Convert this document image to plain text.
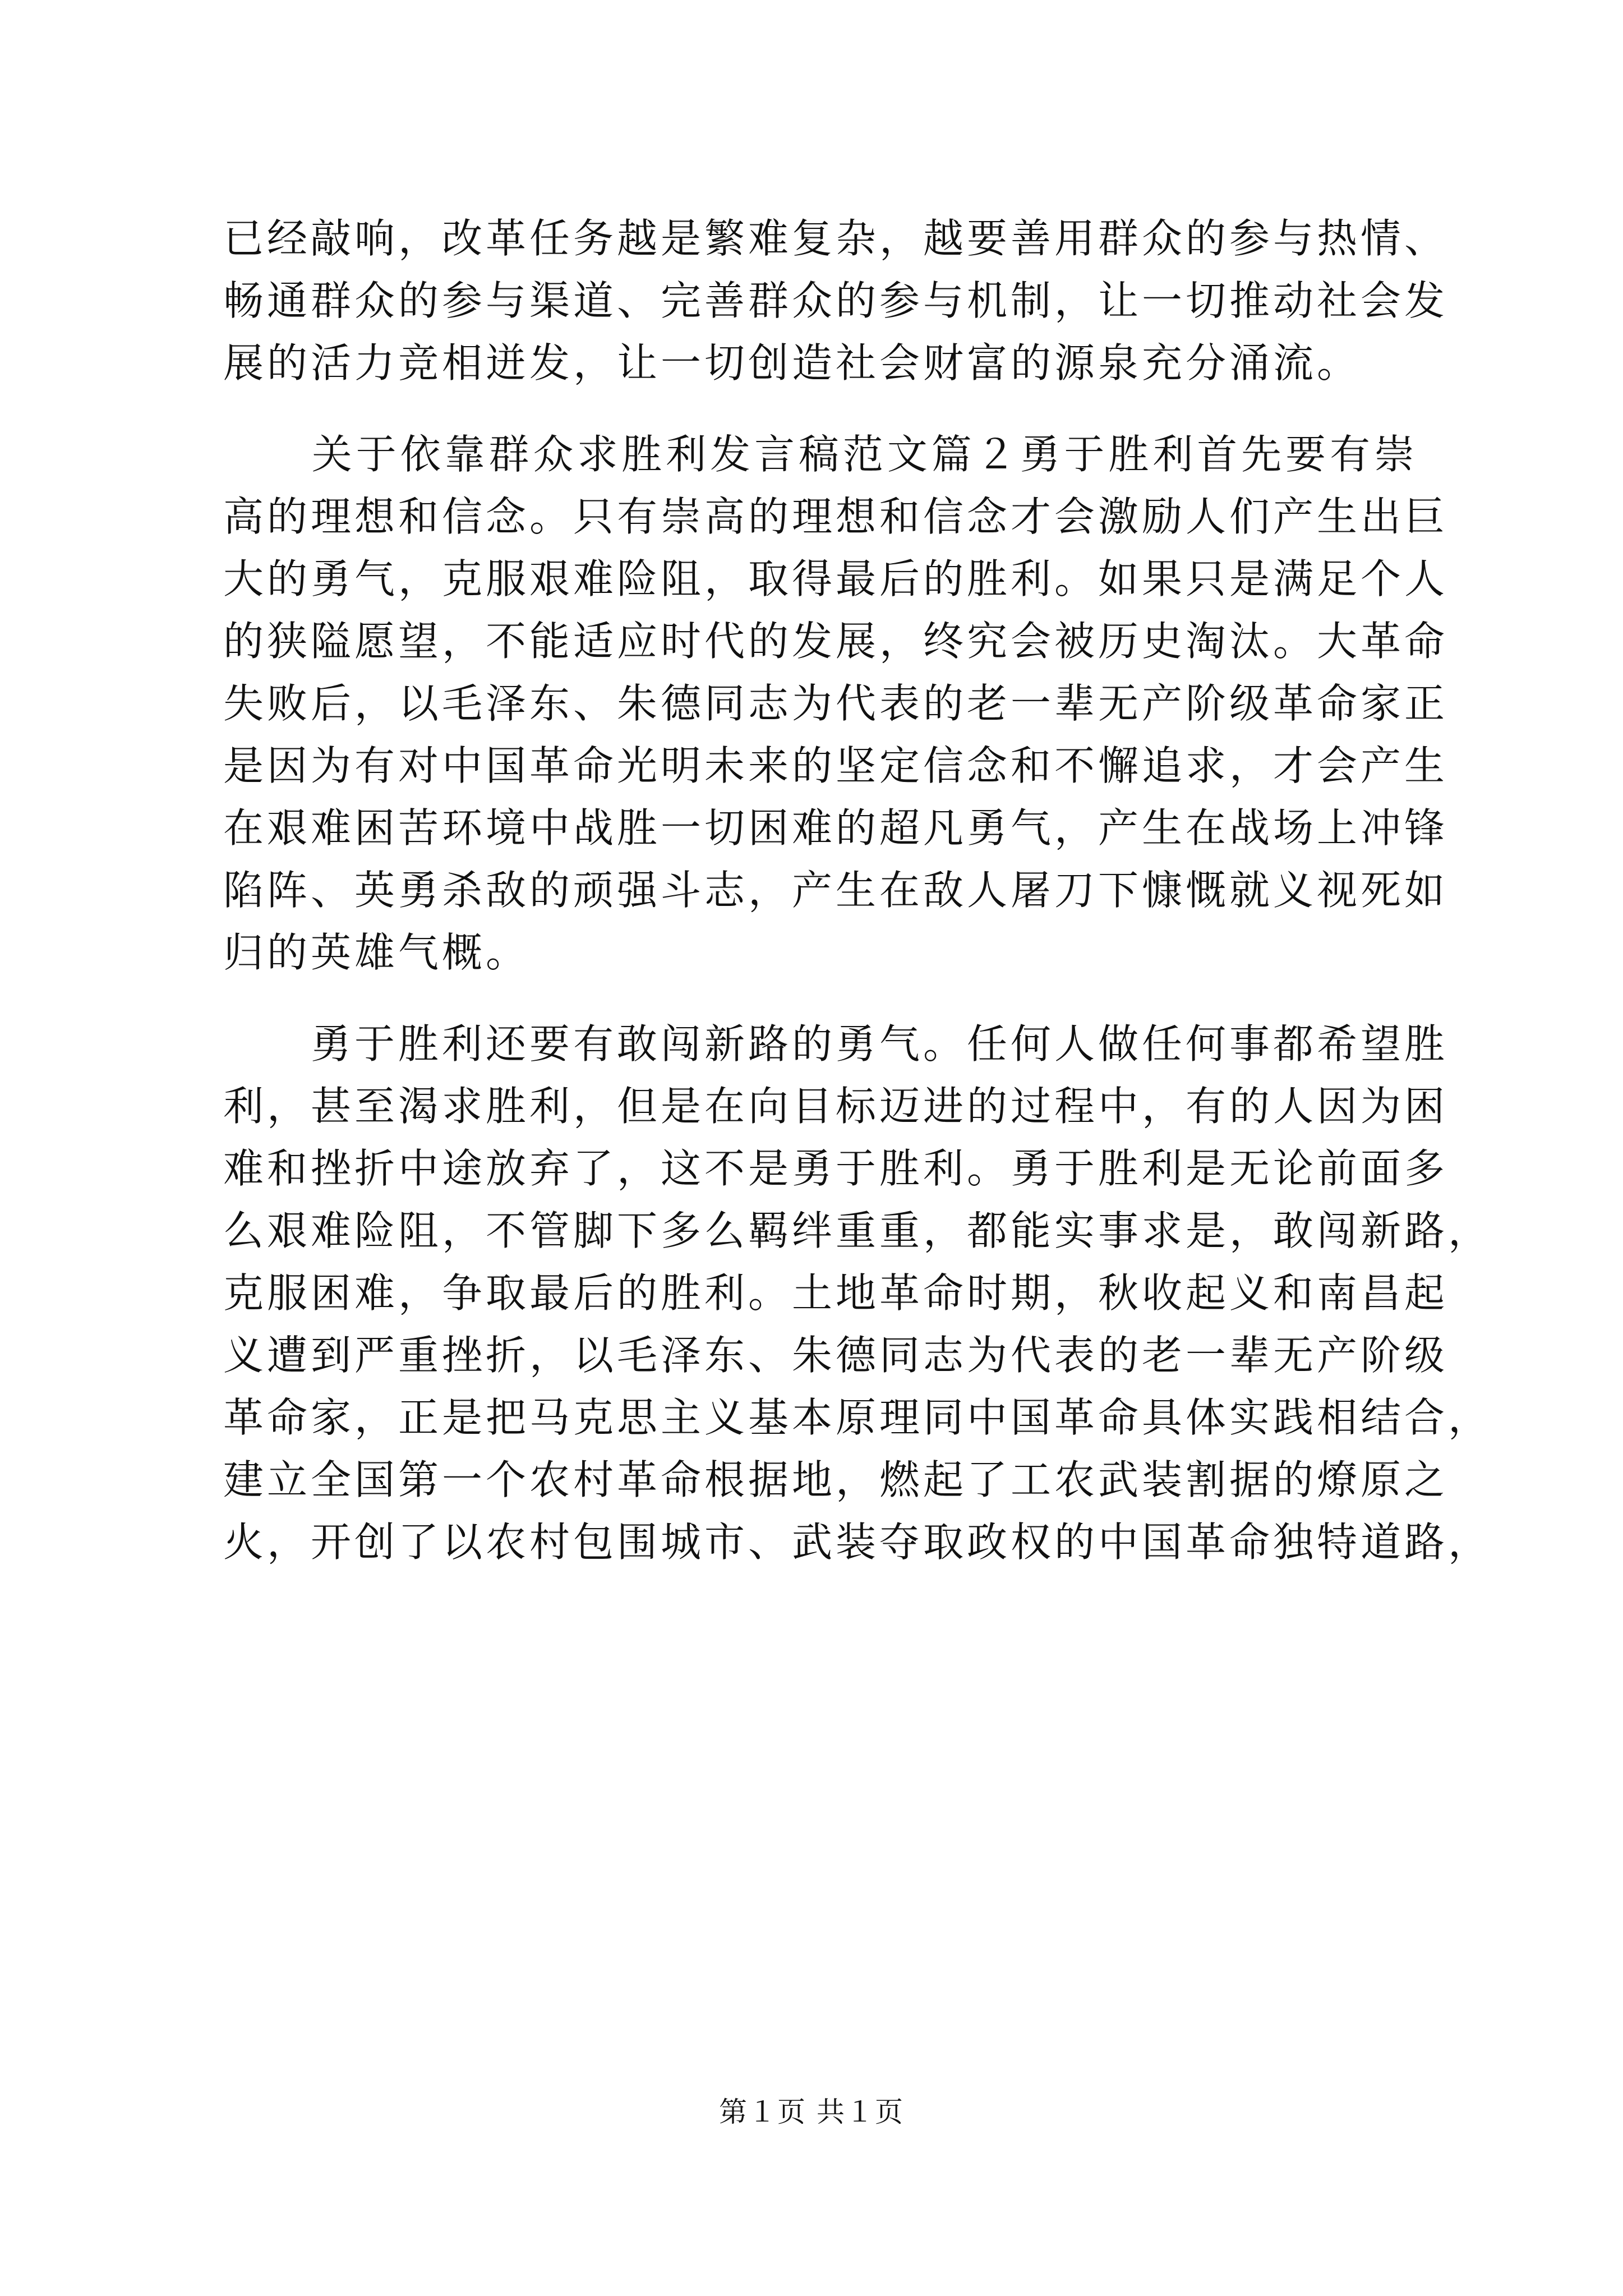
已经敲响，改革任务越是繁难复杂，越要善用群众的参与热情、
畅通群众的参与渠道、完善群众的参与机制，让一切推动社会发
展的活力竞相迸发，让一切创造社会财富的源泉充分涌流。
　　关于依靠群众求胜利发言稿范文篇２勇于胜利首先要有崇
高的理想和信念。只有崇高的理想和信念才会激励人们产生出巨
大的勇气，克服艰难险阻，取得最后的胜利。如果只是满足个人
的狭隘愿望，不能适应时代的发展，终究会被历史淘汰。大革命
失败后，以毛泽东、朱德同志为代表的老一辈无产阶级革命家正
是因为有对中国革命光明未来的坚定信念和不懈追求，才会产生
在艰难困苦环境中战胜一切困难的超凡勇气，产生在战场上冲锋
陷阵、英勇杀敌的顽强斗志，产生在敌人屠刀下慷慨就义视死如
归的英雄气概。
　　勇于胜利还要有敢闯新路的勇气。任何人做任何事都希望胜
利，甚至渴求胜利，但是在向目标迈进的过程中，有的人因为困
难和挫折中途放弃了，这不是勇于胜利。勇于胜利是无论前面多
么艰难险阻，不管脚下多么羁绊重重，都能实事求是，敢闯新路，
克服困难，争取最后的胜利。土地革命时期，秋收起义和南昌起
义遭到严重挫折，以毛泽东、朱德同志为代表的老一辈无产阶级
革命家，正是把马克思主义基本原理同中国革命具体实践相结合，
建立全国第一个农村革命根据地，燃起了工农武装割据的燎原之
火，开创了以农村包围城市、武装夺取政权的中国革命独特道路，
第１页 共１页
